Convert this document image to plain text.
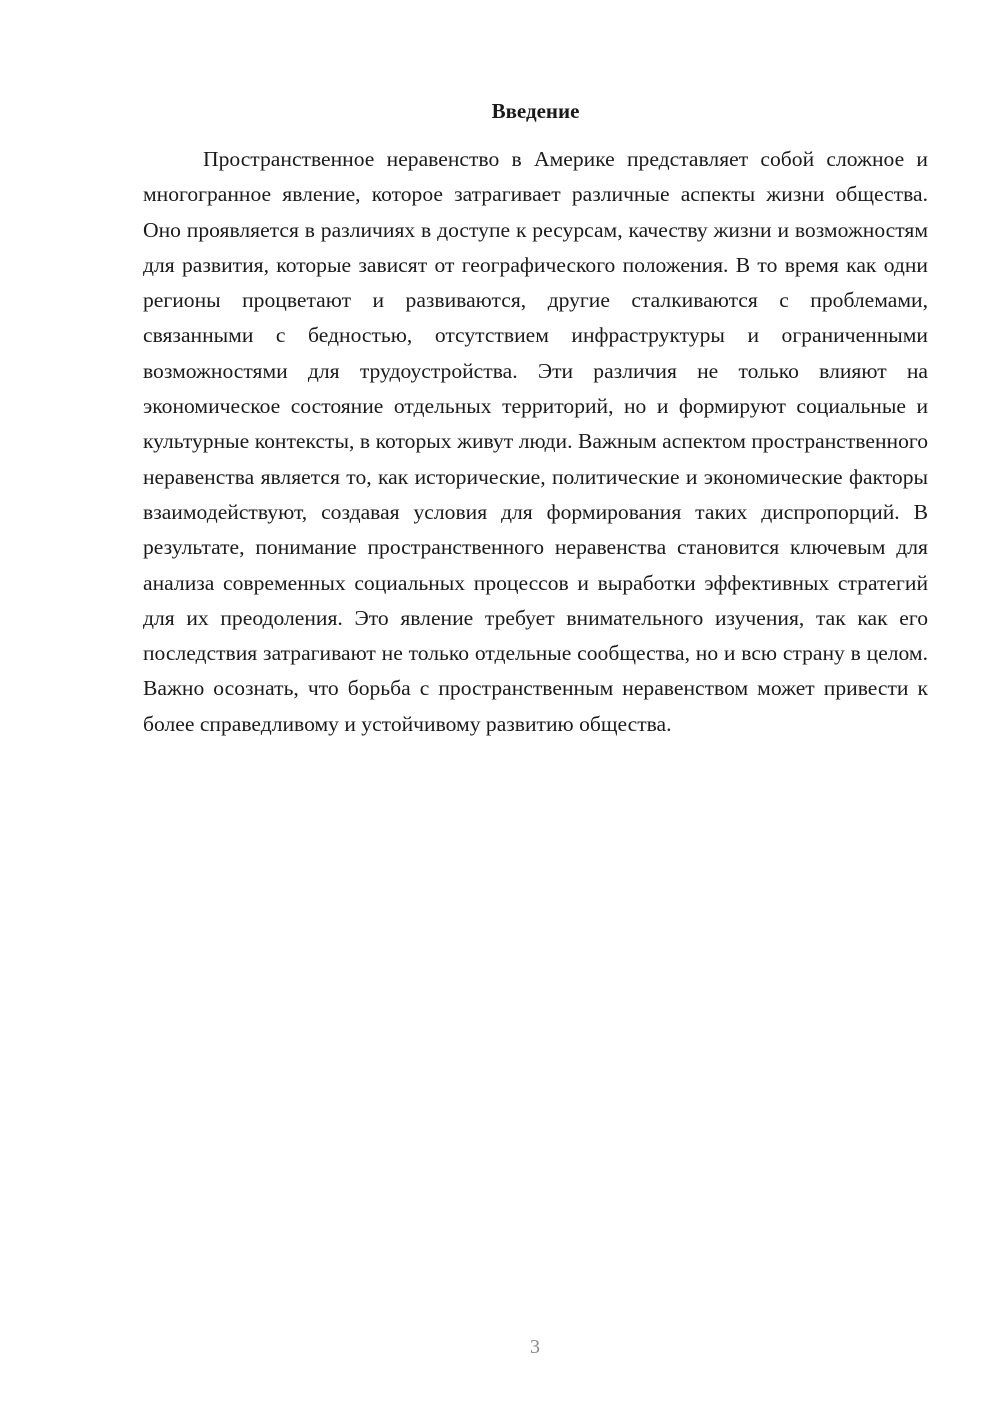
Введение

Пространственное неравенство в Америке представляет собой сложное и многогранное явление, которое затрагивает различные аспекты жизни общества. Оно проявляется в различиях в доступе к ресурсам, качеству жизни и возможностям для развития, которые зависят от географического положения. В то время как одни регионы процветают и развиваются, другие сталкиваются с проблемами, связанными с бедностью, отсутствием инфраструктуры и ограниченными возможностями для трудоустройства. Эти различия не только влияют на экономическое состояние отдельных территорий, но и формируют социальные и культурные контексты, в которых живут люди. Важным аспектом пространственного неравенства является то, как исторические, политические и экономические факторы взаимодействуют, создавая условия для формирования таких диспропорций. В результате, понимание пространственного неравенства становится ключевым для анализа современных социальных процессов и выработки эффективных стратегий для их преодоления. Это явление требует внимательного изучения, так как его последствия затрагивают не только отдельные сообщества, но и всю страну в целом. Важно осознать, что борьба с пространственным неравенством может привести к более справедливому и устойчивому развитию общества.

3
